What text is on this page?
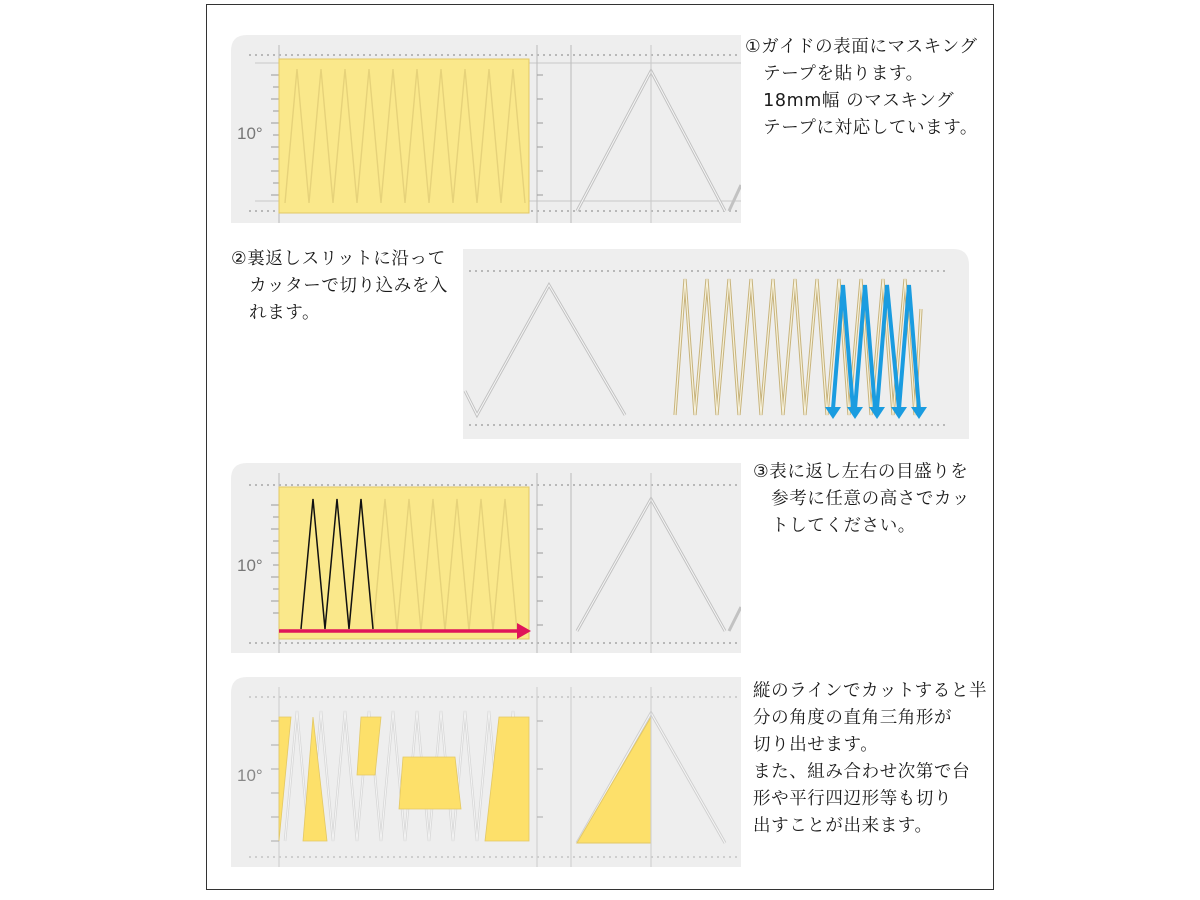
10°

①ガイドの表面にマスキング

　テープを貼ります。

　18mm幅 のマスキング

　テープに対応しています。

②裏返しスリットに沿って

　カッターで切り込みを入

　れます。

10°

③表に返し左右の目盛りを

　参考に任意の高さでカッ

　トしてください。

10°

縦のラインでカットすると半

分の角度の直角三角形が

切り出せます。

また、組み合わせ次第で台

形や平行四辺形等も切り

出すことが出来ます。
